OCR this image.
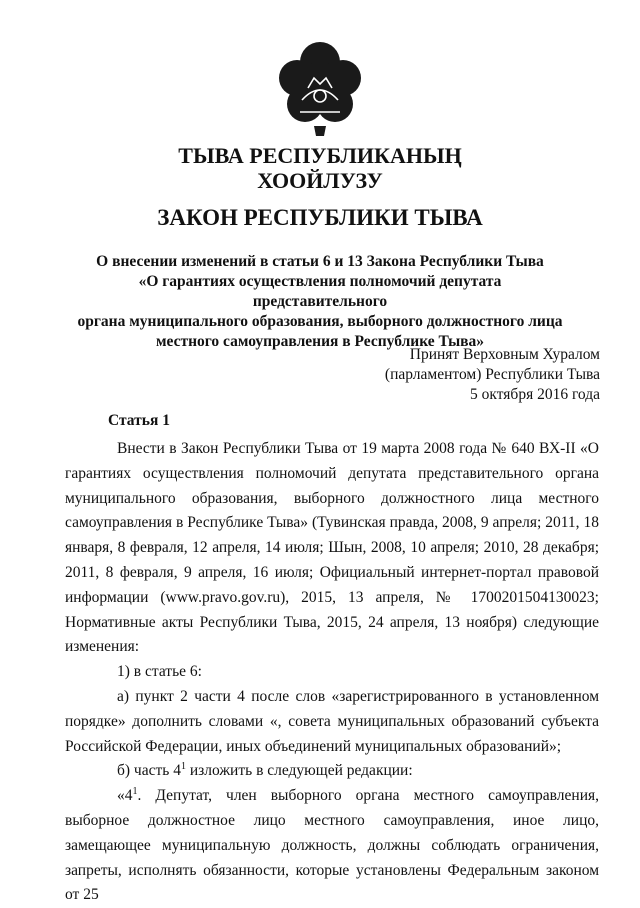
ТЫВА РЕСПУБЛИКАНЫҢ
ХООЙЛУЗУ
ЗАКОН РЕСПУБЛИКИ ТЫВА
О внесении изменений в статьи 6 и 13 Закона Республики Тыва
«О гарантиях осуществления полномочий депутата представительного
органа муниципального образования, выборного должностного лица
местного самоуправления в Республике Тыва»
Принят Верховным Хуралом
(парламентом) Республики Тыва
5 октября 2016 года
Статья 1

Внести в Закон Республики Тыва от 19 марта 2008 года № 640 ВХ-II «О гарантиях осуществления полномочий депутата представительного органа муниципального образования, выборного должностного лица местного самоуправления в Республике Тыва» (Тувинская правда, 2008, 9 апреля; 2011, 18 января, 8 февраля, 12 апреля, 14 июля; Шын, 2008, 10 апреля; 2010, 28 декабря; 2011, 8 февраля, 9 апреля, 16 июля; Официальный интернет-портал правовой информации (www.pravo.gov.ru), 2015, 13 апреля, № 1700201504130023; Нормативные акты Республики Тыва, 2015, 24 апреля, 13 ноября) следующие изменения:

1) в статье 6:

а) пункт 2 части 4 после слов «зарегистрированного в установленном порядке» дополнить словами «, совета муниципальных образований субъекта Российской Федерации, иных объединений муниципальных образований»;

б) часть $4^1$ изложить в следующей редакции:

«$4^1$. Депутат, член выборного органа местного самоуправления, выборное должностное лицо местного самоуправления, иное лицо, замещающее муниципальную должность, должны соблюдать ограничения, запреты, исполнять обязанности, которые установлены Федеральным законом от 25
